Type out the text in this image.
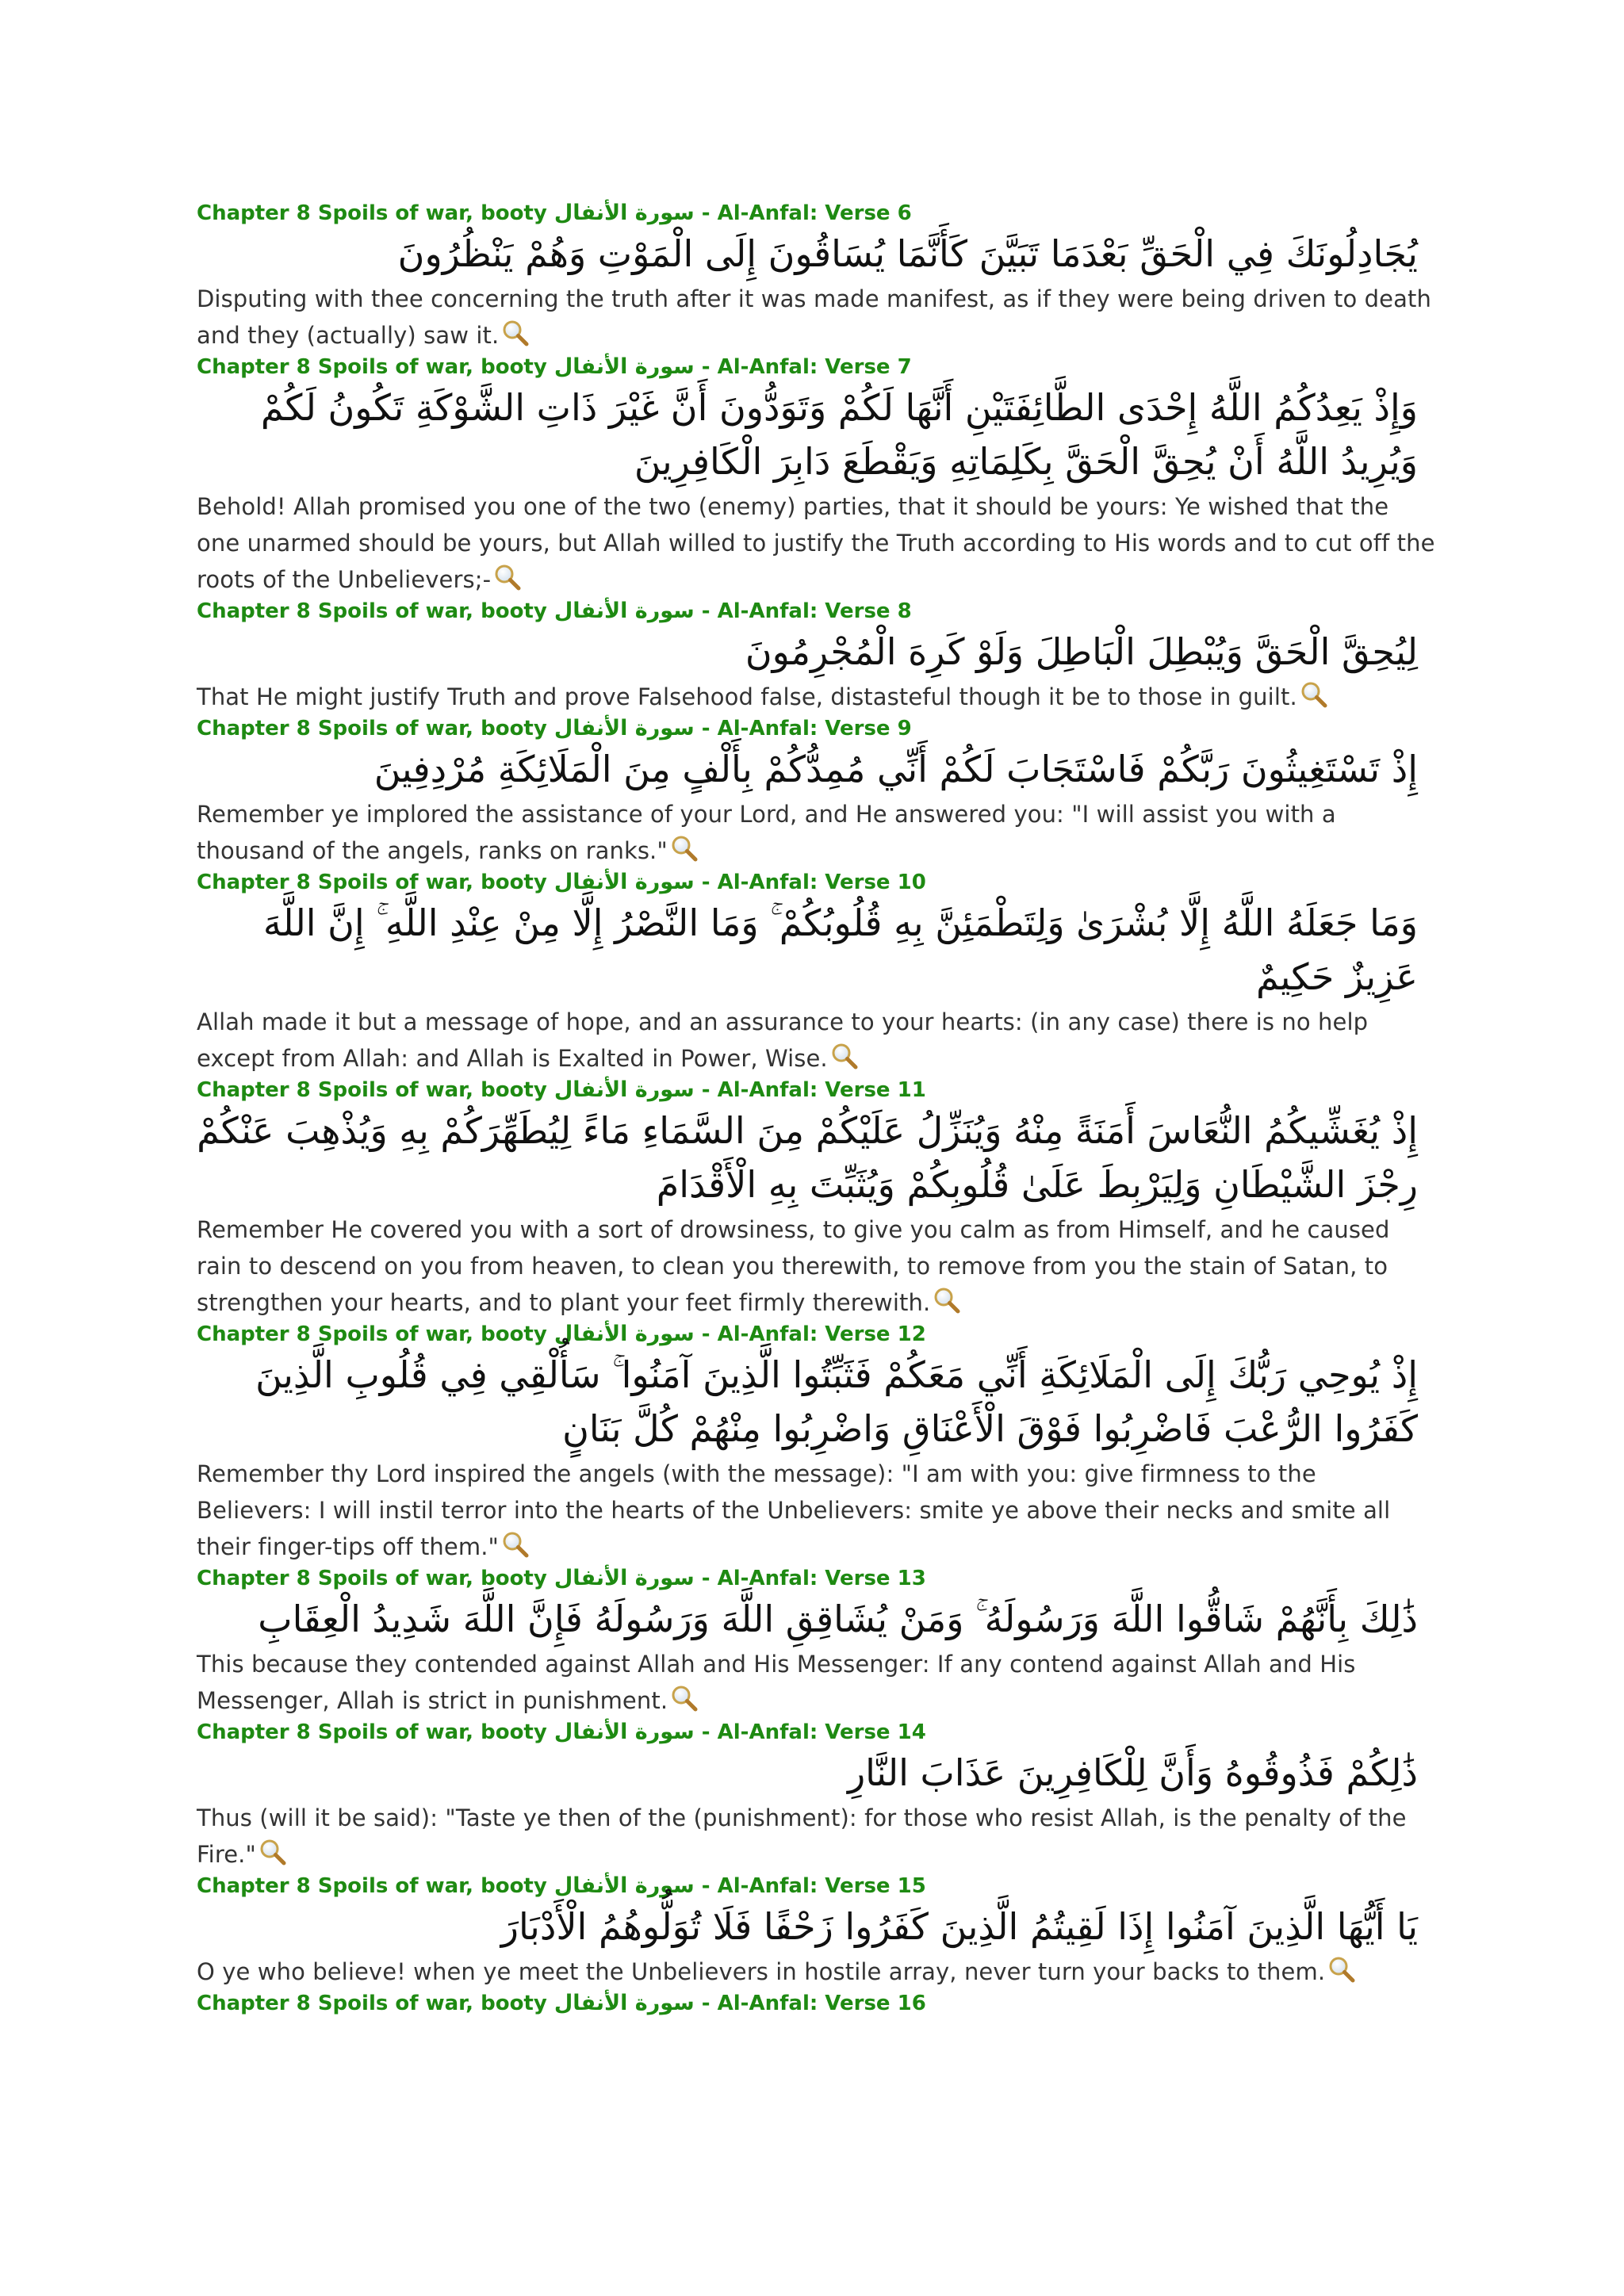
Chapter 8 Spoils of war, booty سورة الأنفال - Al-Anfal: Verse 6
يُجَادِلُونَكَ فِي الْحَقِّ بَعْدَمَا تَبَيَّنَ كَأَنَّمَا يُسَاقُونَ إِلَى الْمَوْتِ وَهُمْ يَنْظُرُونَ
Disputing with thee concerning the truth after it was made manifest, as if they were being driven to death and they (actually) saw it.
Chapter 8 Spoils of war, booty سورة الأنفال - Al-Anfal: Verse 7
وَإِذْ يَعِدُكُمُ اللَّهُ إِحْدَى الطَّائِفَتَيْنِ أَنَّهَا لَكُمْ وَتَوَدُّونَ أَنَّ غَيْرَ ذَاتِ الشَّوْكَةِ تَكُونُ لَكُمْ وَيُرِيدُ اللَّهُ أَنْ يُحِقَّ الْحَقَّ بِكَلِمَاتِهِ وَيَقْطَعَ دَابِرَ الْكَافِرِينَ
Behold! Allah promised you one of the two (enemy) parties, that it should be yours: Ye wished that the one unarmed should be yours, but Allah willed to justify the Truth according to His words and to cut off the roots of the Unbelievers;-
Chapter 8 Spoils of war, booty سورة الأنفال - Al-Anfal: Verse 8
لِيُحِقَّ الْحَقَّ وَيُبْطِلَ الْبَاطِلَ وَلَوْ كَرِهَ الْمُجْرِمُونَ
That He might justify Truth and prove Falsehood false, distasteful though it be to those in guilt.
Chapter 8 Spoils of war, booty سورة الأنفال - Al-Anfal: Verse 9
إِذْ تَسْتَغِيثُونَ رَبَّكُمْ فَاسْتَجَابَ لَكُمْ أَنِّي مُمِدُّكُمْ بِأَلْفٍ مِنَ الْمَلَائِكَةِ مُرْدِفِينَ
Remember ye implored the assistance of your Lord, and He answered you: "I will assist you with a thousand of the angels, ranks on ranks."
Chapter 8 Spoils of war, booty سورة الأنفال - Al-Anfal: Verse 10
وَمَا جَعَلَهُ اللَّهُ إِلَّا بُشْرَىٰ وَلِتَطْمَئِنَّ بِهِ قُلُوبُكُمْ ۚ وَمَا النَّصْرُ إِلَّا مِنْ عِنْدِ اللَّهِ ۚ إِنَّ اللَّهَ عَزِيزٌ حَكِيمٌ
Allah made it but a message of hope, and an assurance to your hearts: (in any case) there is no help except from Allah: and Allah is Exalted in Power, Wise.
Chapter 8 Spoils of war, booty سورة الأنفال - Al-Anfal: Verse 11
إِذْ يُغَشِّيكُمُ النُّعَاسَ أَمَنَةً مِنْهُ وَيُنَزِّلُ عَلَيْكُمْ مِنَ السَّمَاءِ مَاءً لِيُطَهِّرَكُمْ بِهِ وَيُذْهِبَ عَنْكُمْ رِجْزَ الشَّيْطَانِ وَلِيَرْبِطَ عَلَىٰ قُلُوبِكُمْ وَيُثَبِّتَ بِهِ الْأَقْدَامَ
Remember He covered you with a sort of drowsiness, to give you calm as from Himself, and he caused rain to descend on you from heaven, to clean you therewith, to remove from you the stain of Satan, to strengthen your hearts, and to plant your feet firmly therewith.
Chapter 8 Spoils of war, booty سورة الأنفال - Al-Anfal: Verse 12
إِذْ يُوحِي رَبُّكَ إِلَى الْمَلَائِكَةِ أَنِّي مَعَكُمْ فَثَبِّتُوا الَّذِينَ آمَنُوا ۚ سَأُلْقِي فِي قُلُوبِ الَّذِينَ كَفَرُوا الرُّعْبَ فَاضْرِبُوا فَوْقَ الْأَعْنَاقِ وَاضْرِبُوا مِنْهُمْ كُلَّ بَنَانٍ
Remember thy Lord inspired the angels (with the message): "I am with you: give firmness to the Believers: I will instil terror into the hearts of the Unbelievers: smite ye above their necks and smite all their finger-tips off them."
Chapter 8 Spoils of war, booty سورة الأنفال - Al-Anfal: Verse 13
ذَٰلِكَ بِأَنَّهُمْ شَاقُّوا اللَّهَ وَرَسُولَهُ ۚ وَمَنْ يُشَاقِقِ اللَّهَ وَرَسُولَهُ فَإِنَّ اللَّهَ شَدِيدُ الْعِقَابِ
This because they contended against Allah and His Messenger: If any contend against Allah and His Messenger, Allah is strict in punishment.
Chapter 8 Spoils of war, booty سورة الأنفال - Al-Anfal: Verse 14
ذَٰلِكُمْ فَذُوقُوهُ وَأَنَّ لِلْكَافِرِينَ عَذَابَ النَّارِ
Thus (will it be said): "Taste ye then of the (punishment): for those who resist Allah, is the penalty of the Fire."
Chapter 8 Spoils of war, booty سورة الأنفال - Al-Anfal: Verse 15
يَا أَيُّهَا الَّذِينَ آمَنُوا إِذَا لَقِيتُمُ الَّذِينَ كَفَرُوا زَحْفًا فَلَا تُوَلُّوهُمُ الْأَدْبَارَ
O ye who believe! when ye meet the Unbelievers in hostile array, never turn your backs to them.
Chapter 8 Spoils of war, booty سورة الأنفال - Al-Anfal: Verse 16
